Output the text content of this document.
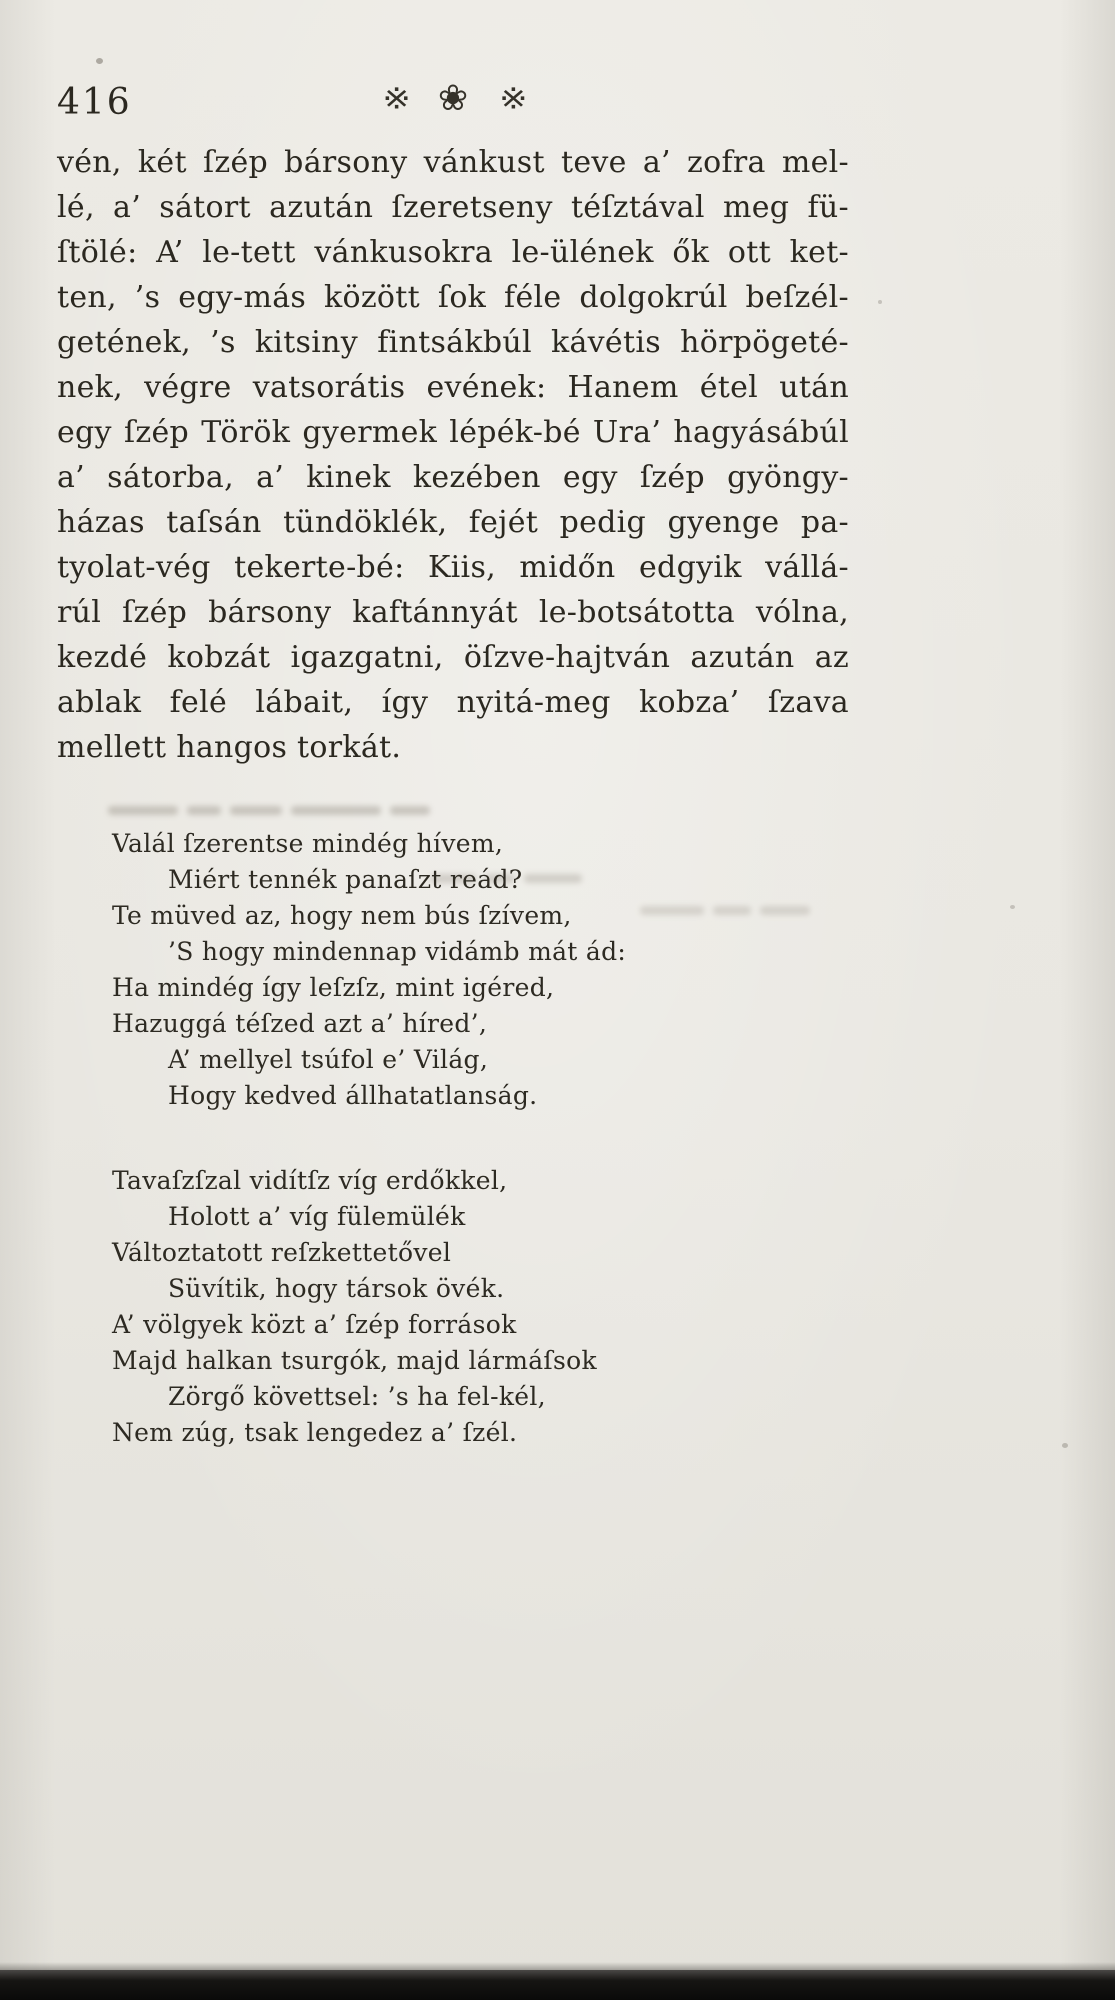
416	※ ❀ ※
vén, két ſzép bársony vánkust teve a’ zofra mel-
lé, a’ sátort azután ſzeretseny téſztával meg fü-
ſtölé: A’ le-tett vánkusokra le-ülének ők ott ket-
ten, ’s egy-más között ſok féle dolgokrúl beſzél-
getének, ’s kitsiny fintsákbúl kávétis hörpögeté-
nek, végre vatsorátis evének: Hanem étel után
egy ſzép Török gyermek lépék-bé Ura’ hagyásábúl
a’ sátorba, a’ kinek kezében egy ſzép gyöngy-
házas taſsán tündöklék, fejét pedig gyenge pa-
tyolat-vég tekerte-bé: Kiis, midőn edgyik vállá-
rúl ſzép bársony kaftánnyát le-botsátotta vólna,
kezdé kobzát igazgatni, öſzve-hajtván azután az
ablak felé lábait, így nyitá-meg kobza’ ſzava
mellett hangos torkát.
Valál ſzerentse mindég hívem,
Miért tennék panaſzt reád?
Te müved az, hogy nem bús ſzívem,
’S hogy mindennap vidámb mát ád:
Ha mindég így leſzſz, mint igéred,
Hazuggá téſzed azt a’ híred’,
A’ mellyel tsúfol e’ Világ,
Hogy kedved állhatatlanság.
Tavaſzſzal vidítſz víg erdőkkel,
Holott a’ víg fülemülék
Változtatott reſzkettetővel
Süvítik, hogy társok övék.
A’ völgyek közt a’ ſzép források
Majd halkan tsurgók, majd lármáſsok
Zörgő követtsel: ’s ha fel-kél,
Nem zúg, tsak lengedez a’ ſzél.
